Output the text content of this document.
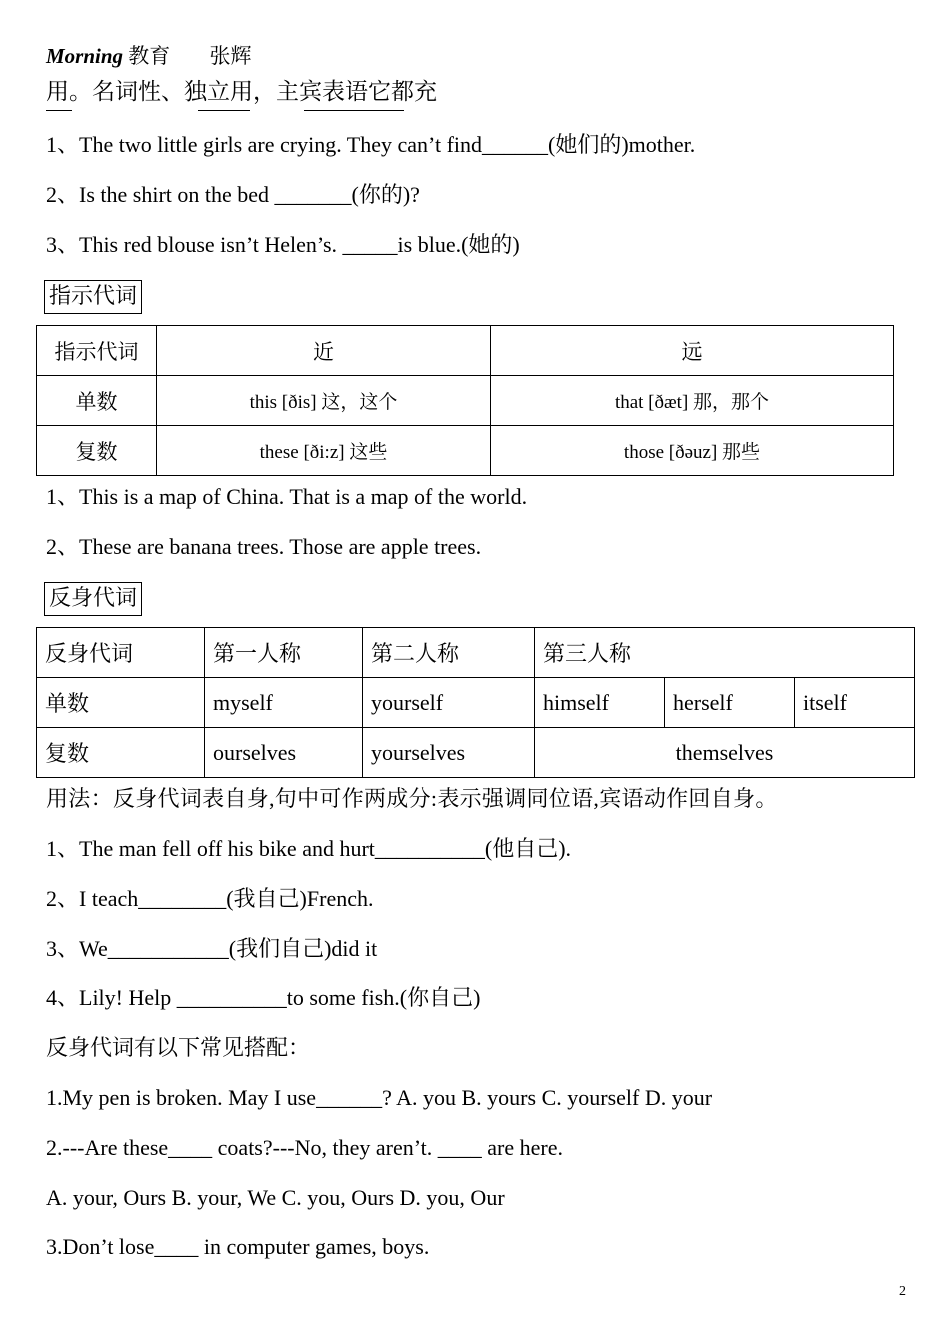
Morning 教育 张辉
用。名词性、独立用，主宾表语它都充
1、The two little girls are crying. They can’t find______(她们的)mother.
2、Is the shirt on the bed _______(你的)?
3、This red blouse isn’t Helen’s. _____is blue.(她的)
指示代词
指示代词	近	远
单数	this [ðis] 这，这个	that [ðæt] 那，那个
复数	these [ði:z] 这些	those [ðəuz] 那些
1、This is a map of China. That is a map of the world.
2、These are banana trees. Those are apple trees.
反身代词
反身代词	第一人称	第二人称	第三人称		
单数	myself	yourself	himself	herself	itself
复数	ourselves	yourselves	themselves		
用法：反身代词表自身,句中可作两成分:表示强调同位语,宾语动作回自身。
1、The man fell off his bike and hurt__________(他自己).
2、I teach________(我自己)French.
3、We___________(我们自己)did it
4、Lily! Help __________to some fish.(你自己)
反身代词有以下常见搭配：
1.My pen is broken. May I use______? A. you B. yours C. yourself D. your
2.---Are these____ coats?---No, they aren’t. ____ are here.
A. your, Ours B. your, We C. you, Ours D. you, Our
3.Don’t lose____ in computer games, boys.
2
